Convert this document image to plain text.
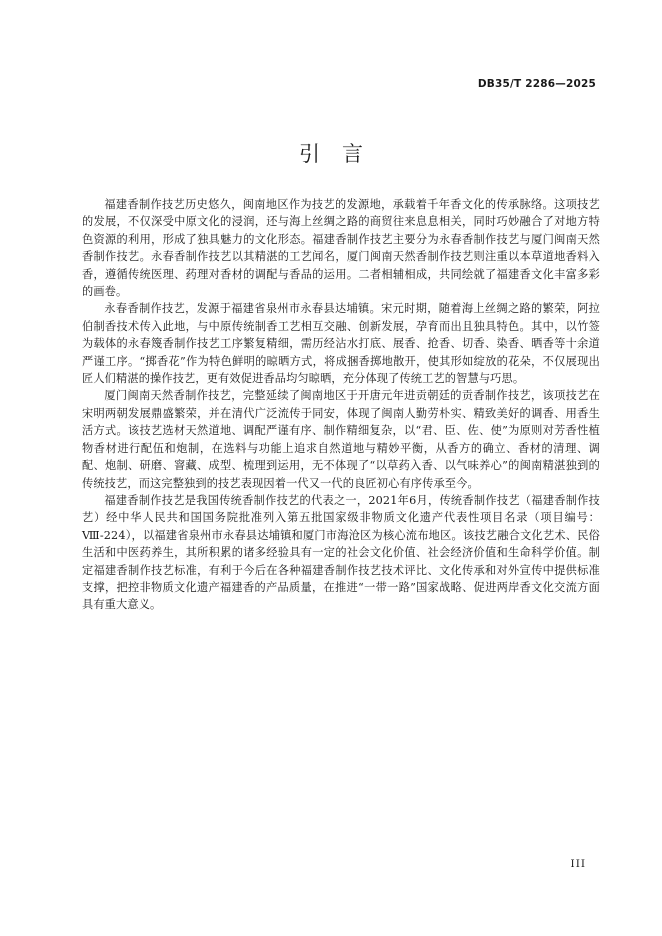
DB35/T 2286—2025
引言

福建香制作技艺历史悠久，闽南地区作为技艺的发源地，承载着千年香文化的传承脉络。这项技艺的发展，不仅深受中原文化的浸润，还与海上丝绸之路的商贸往来息息相关，同时巧妙融合了对地方特色资源的利用，形成了独具魅力的文化形态。福建香制作技艺主要分为永春香制作技艺与厦门闽南天然香制作技艺。永春香制作技艺以其精湛的工艺闻名，厦门闽南天然香制作技艺则注重以本草道地香料入香，遵循传统医理、药理对香材的调配与香品的运用。二者相辅相成，共同绘就了福建香文化丰富多彩的画卷。

永春香制作技艺，发源于福建省泉州市永春县达埔镇。宋元时期，随着海上丝绸之路的繁荣，阿拉伯制香技术传入此地，与中原传统制香工艺相互交融、创新发展，孕育而出且独具特色。其中，以竹签为载体的永春篾香制作技艺工序繁复精细，需历经沾水打底、展香、抢香、切香、染香、晒香等十余道严谨工序。“掷香花”作为特色鲜明的晾晒方式，将成捆香掷地散开，使其形如绽放的花朵，不仅展现出匠人们精湛的操作技艺，更有效促进香品均匀晾晒，充分体现了传统工艺的智慧与巧思。

厦门闽南天然香制作技艺，完整延续了闽南地区于开唐元年进贡朝廷的贡香制作技艺，该项技艺在宋明两朝发展鼎盛繁荣，并在清代广泛流传于同安，体现了闽南人勤劳朴实、精致美好的调香、用香生活方式。该技艺选材天然道地、调配严谨有序、制作精细复杂，以“君、臣、佐、使”为原则对芳香性植物香材进行配伍和炮制，在选料与功能上追求自然道地与精妙平衡，从香方的确立、香材的清理、调配、炮制、研磨、窨藏、成型、梳理到运用，无不体现了“以草药入香、以气味养心”的闽南精湛独到的传统技艺，而这完整独到的技艺表现因着一代又一代的良匠初心有序传承至今。

福建香制作技艺是我国传统香制作技艺的代表之一，2021年6月，传统香制作技艺（福建香制作技艺）经中华人民共和国国务院批准列入第五批国家级非物质文化遗产代表性项目名录（项目编号：Ⅷ-224），以福建省泉州市永春县达埔镇和厦门市海沧区为核心流布地区。该技艺融合文化艺术、民俗生活和中医药养生，其所积累的诸多经验具有一定的社会文化价值、社会经济价值和生命科学价值。制定福建香制作技艺标准，有利于今后在各种福建香制作技艺技术评比、文化传承和对外宣传中提供标准支撑，把控非物质文化遗产福建香的产品质量，在推进“一带一路”国家战略、促进两岸香文化交流方面具有重大意义。

III
